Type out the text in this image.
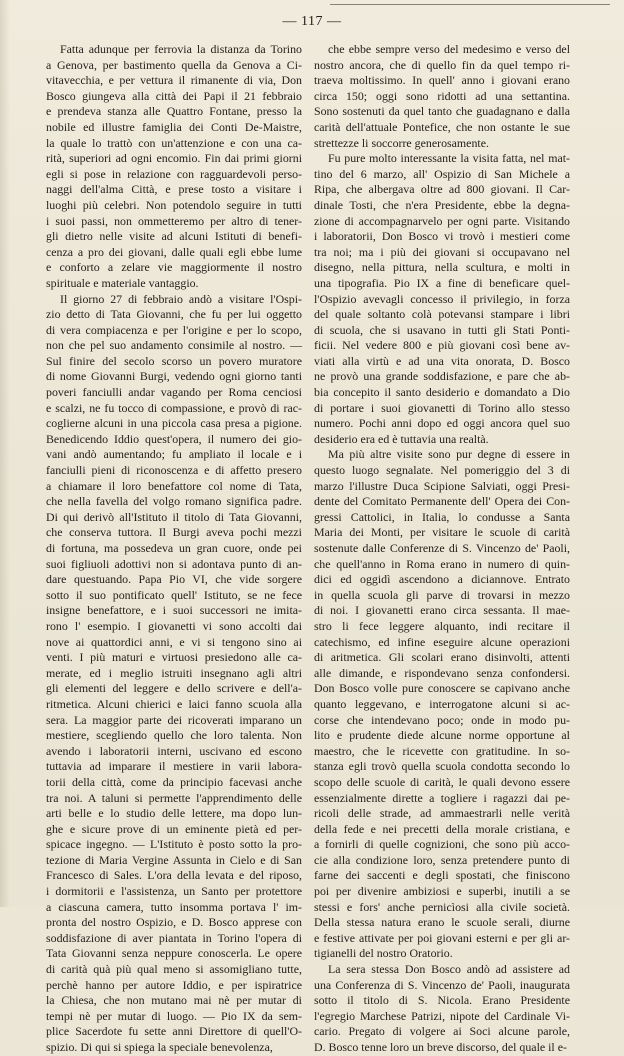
— 117 —
Fatta adunque per ferrovia la distanza da Torino
a Genova, per bastimento quella da Genova a Ci-
vitavecchia, e per vettura il rimanente di via, Don
Bosco giungeva alla città dei Papi il 21 febbraio
e prendeva stanza alle Quattro Fontane, presso la
nobile ed illustre famiglia dei Conti De-Maistre,
la quale lo trattò con un'attenzione e con una ca-
rità, superiori ad ogni encomio. Fin dai primi giorni
egli si pose in relazione con ragguardevoli perso-
naggi dell'alma Città, e prese tosto a visitare i
luoghi più celebri. Non potendolo seguire in tutti
i suoi passi, non ommetteremo per altro di tener-
gli dietro nelle visite ad alcuni Istituti di benefi-
cenza a pro dei giovani, dalle quali egli ebbe lume
e conforto a zelare vie maggiormente il nostro
spirituale e materiale vantaggio.
Il giorno 27 di febbraio andò a visitare l'Ospi-
zio detto di Tata Giovanni, che fu per lui oggetto
di vera compiacenza e per l'origine e per lo scopo,
non che pel suo andamento consimile al nostro. —
Sul finire del secolo scorso un povero muratore
di nome Giovanni Burgi, vedendo ogni giorno tanti
poveri fanciulli andar vagando per Roma cenciosi
e scalzi, ne fu tocco di compassione, e provò di rac-
coglierne alcuni in una piccola casa presa a pigione.
Benedicendo Iddio quest'opera, il numero dei gio-
vani andò aumentando; fu ampliato il locale e i
fanciulli pieni di riconoscenza e di affetto presero
a chiamare il loro benefattore col nome di Tata,
che nella favella del volgo romano significa padre.
Di qui derivò all'Istituto il titolo di Tata Giovanni,
che conserva tuttora. Il Burgi aveva pochi mezzi
di fortuna, ma possedeva un gran cuore, onde pei
suoi figliuoli adottivi non si adontava punto di an-
dare questuando. Papa Pio VI, che vide sorgere
sotto il suo pontificato quell' Istituto, se ne fece
insigne benefattore, e i suoi successori ne imita-
rono l' esempio. I giovanetti vi sono accolti dai
nove ai quattordici anni, e vi si tengono sino ai
venti. I più maturi e virtuosi presiedono alle ca-
merate, ed i meglio istruiti insegnano agli altri
gli elementi del leggere e dello scrivere e dell'a-
ritmetica. Alcuni chierici e laici fanno scuola alla
sera. La maggior parte dei ricoverati imparano un
mestiere, scegliendo quello che loro talenta. Non
avendo i laboratorii interni, uscivano ed escono
tuttavia ad imparare il mestiere in varii labora-
torii della città, come da principio facevasi anche
tra noi. A taluni si permette l'apprendimento delle
arti belle e lo studio delle lettere, ma dopo lun-
ghe e sicure prove di un eminente pietà ed per-
spicace ingegno. — L'Istituto è posto sotto la pro-
tezione di Maria Vergine Assunta in Cielo e di San
Francesco di Sales. L'ora della levata e del riposo,
i dormitorii e l'assistenza, un Santo per protettore
a ciascuna camera, tutto insomma portava l' im-
pronta del nostro Ospizio, e D. Bosco apprese con
soddisfazione di aver piantata in Torino l'opera di
Tata Giovanni senza neppure conoscerla. Le opere
di carità quà più qual meno si assomigliano tutte,
perchè hanno per autore Iddio, e per ispiratrice
la Chiesa, che non mutano mai nè per mutar di
tempi nè per mutar di luogo. — Pio IX da sem-
plice Sacerdote fu sette anni Direttore di quell'O-
spizio. Di qui si spiega la speciale benevolenza,
che ebbe sempre verso del medesimo e verso del
nostro ancora, che di quello fin da quel tempo ri-
traeva moltissimo. In quell' anno i giovani erano
circa 150; oggi sono ridotti ad una settantina.
Sono sostenuti da quel tanto che guadagnano e dalla
carità dell'attuale Pontefice, che non ostante le sue
strettezze li soccorre generosamente.
Fu pure molto interessante la visita fatta, nel mat-
tino del 6 marzo, all' Ospizio di San Michele a
Ripa, che albergava oltre ad 800 giovani. Il Car-
dinale Tosti, che n'era Presidente, ebbe la degna-
zione di accompagnarvelo per ogni parte. Visitando
i laboratorii, Don Bosco vi trovò i mestieri come
tra noi; ma i più dei giovani si occupavano nel
disegno, nella pittura, nella scultura, e molti in
una tipografia. Pio IX a fine di beneficare quel-
l'Ospizio avevagli concesso il privilegio, in forza
del quale soltanto colà potevansi stampare i libri
di scuola, che si usavano in tutti gli Stati Ponti-
ficii. Nel vedere 800 e più giovani così bene av-
viati alla virtù e ad una vita onorata, D. Bosco
ne provò una grande soddisfazione, e pare che ab-
bia concepito il santo desiderio e domandato a Dio
di portare i suoi giovanetti di Torino allo stesso
numero. Pochi anni dopo ed oggi ancora quel suo
desiderio era ed è tuttavia una realtà.
Ma più altre visite sono pur degne di essere in
questo luogo segnalate. Nel pomeriggio del 3 di
marzo l'illustre Duca Scipione Salviati, oggi Presi-
dente del Comitato Permanente dell' Opera dei Con-
gressi Cattolici, in Italia, lo condusse a Santa
Maria dei Monti, per visitare le scuole di carità
sostenute dalle Conferenze di S. Vincenzo de' Paoli,
che quell'anno in Roma erano in numero di quin-
dici ed oggidì ascendono a diciannove. Entrato
in quella scuola gli parve di trovarsi in mezzo
di noi. I giovanetti erano circa sessanta. Il mae-
stro li fece leggere alquanto, indi recitare il
catechismo, ed infine eseguire alcune operazioni
di aritmetica. Gli scolari erano disinvolti, attenti
alle dimande, e rispondevano senza confondersi.
Don Bosco volle pure conoscere se capivano anche
quanto leggevano, e interrogatone alcuni si ac-
corse che intendevano poco; onde in modo pu-
lito e prudente diede alcune norme opportune al
maestro, che le ricevette con gratitudine. In so-
stanza egli trovò quella scuola condotta secondo lo
scopo delle scuole di carità, le quali devono essere
essenzialmente dirette a togliere i ragazzi dai pe-
ricoli delle strade, ad ammaestrarli nelle verità
della fede e nei precetti della morale cristiana, e
a fornirli di quelle cognizioni, che sono più acco-
cie alla condizione loro, senza pretendere punto di
farne dei saccenti e degli spostati, che finiscono
poi per divenire ambiziosi e superbi, inutili a se
stessi e fors' anche pernicìosi alla civile società.
Della stessa natura erano le scuole serali, diurne
e festive attivate per poi giovani esterni e per gli ar-
tigianelli del nostro Oratorio.
La sera stessa Don Bosco andò ad assistere ad
una Conferenza di S. Vincenzo de' Paoli, inaugurata
sotto il titolo di S. Nicola. Erano Presidente
l'egregio Marchese Patrizi, nipote del Cardinale Vi-
cario. Pregato di volgere ai Soci alcune parole,
D. Bosco tenne loro un breve discorso, del quale il e-
